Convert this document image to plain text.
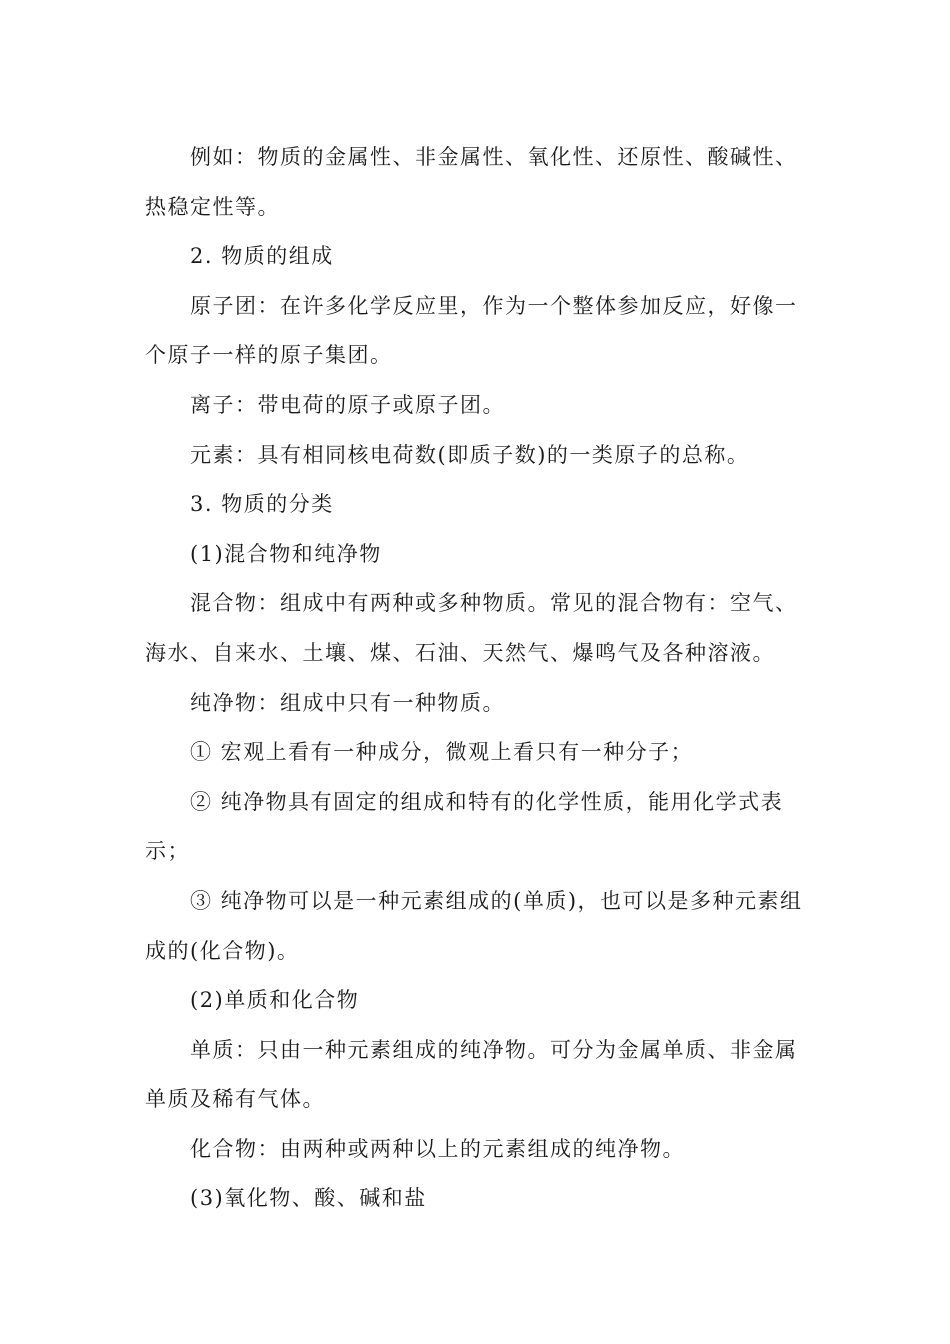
例如：物质的金属性、非金属性、氧化性、还原性、酸碱性、热稳定性等。

2. 物质的组成

原子团：在许多化学反应里，作为一个整体参加反应，好像一个原子一样的原子集团。

离子：带电荷的原子或原子团。

元素：具有相同核电荷数(即质子数)的一类原子的总称。

3. 物质的分类

(1)混合物和纯净物

混合物：组成中有两种或多种物质。常见的混合物有：空气、海水、自来水、土壤、煤、石油、天然气、爆鸣气及各种溶液。

纯净物：组成中只有一种物质。

① 宏观上看有一种成分，微观上看只有一种分子；

② 纯净物具有固定的组成和特有的化学性质，能用化学式表示；

③ 纯净物可以是一种元素组成的(单质)，也可以是多种元素组成的(化合物)。

(2)单质和化合物

单质：只由一种元素组成的纯净物。可分为金属单质、非金属单质及稀有气体。

化合物：由两种或两种以上的元素组成的纯净物。

(3)氧化物、酸、碱和盐
